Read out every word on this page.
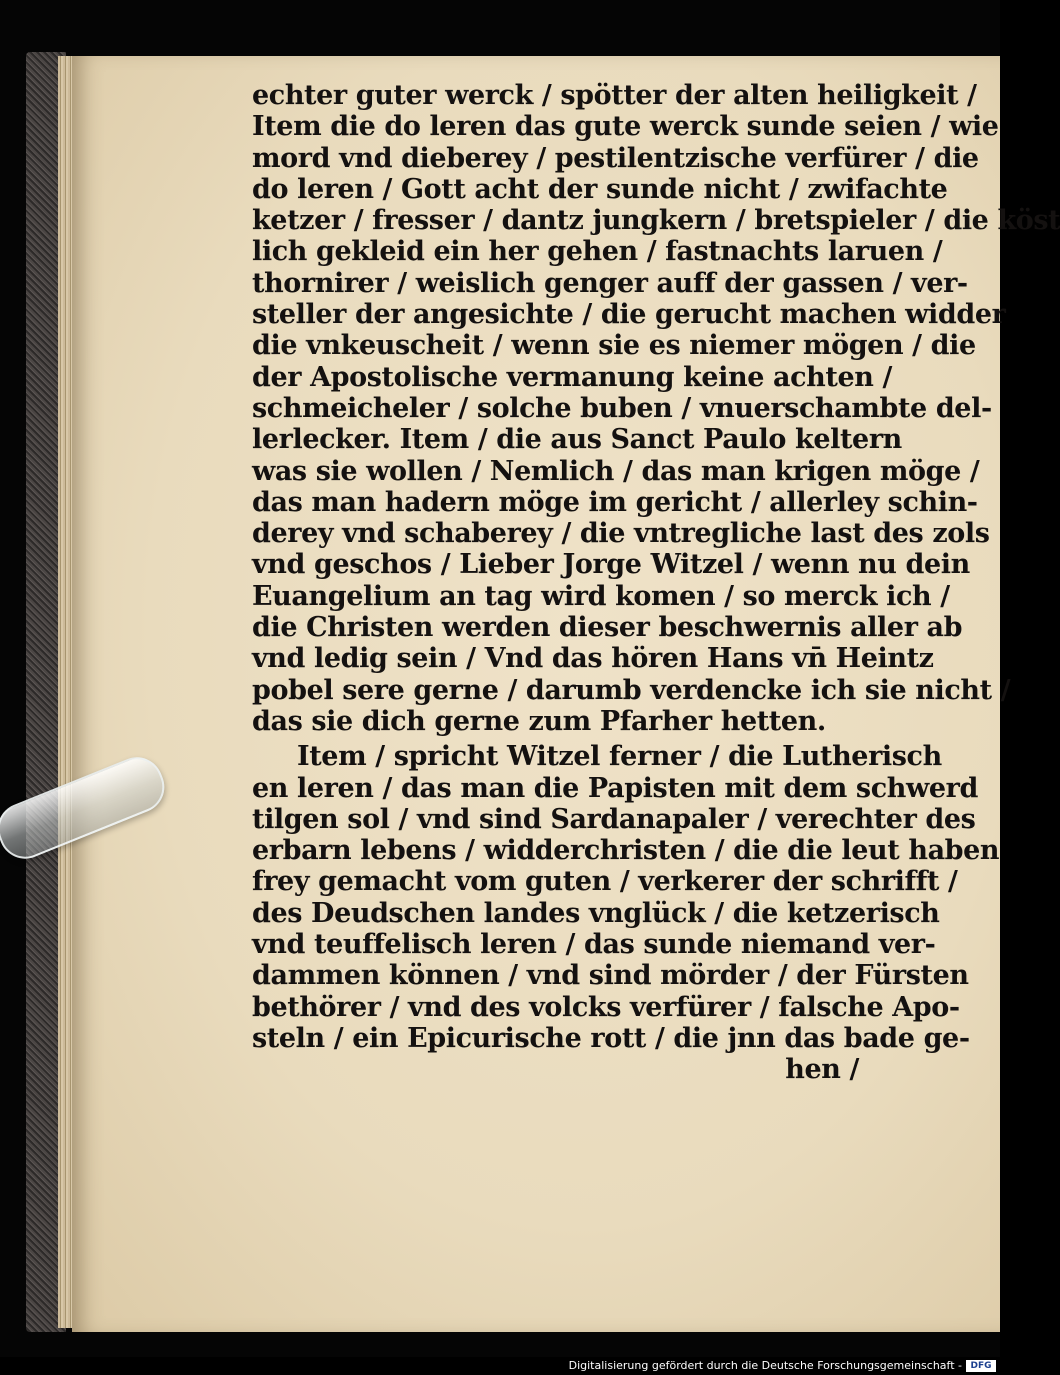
echter guter werck / spötter der alten heiligkeit /
Item die do leren das gute werck sunde seien / wie
mord vnd dieberey / pestilentzische verfürer / die
do leren / Gott acht der sunde nicht / zwifachte
ketzer / fresser / dantz jungkern / bretspieler / die köst
lich gekleid ein her gehen / fastnachts laruen /
thornirer / weislich genger auff der gassen / ver-
steller der angesichte / die gerucht machen widder
die vnkeuscheit / wenn sie es niemer mögen / die
der Apostolische vermanung keine achten /
schmeicheler / solche buben / vnuerschambte del-
lerlecker. Item / die aus Sanct Paulo keltern
was sie wollen / Nemlich / das man krigen möge /
das man hadern möge im gericht / allerley schin-
derey vnd schaberey / die vntregliche last des zols
vnd geschos / Lieber Jorge Witzel / wenn nu dein
Euangelium an tag wird komen / so merck ich /
die Christen werden dieser beschwernis aller ab
vnd ledig sein / Vnd das hören Hans vn̄ Heintz
pobel sere gerne / darumb verdencke ich sie nicht /
das sie dich gerne zum Pfarher hetten.
Item / spricht Witzel ferner / die Lutherisch
en leren / das man die Papisten mit dem schwerd
tilgen sol / vnd sind Sardanapaler / verechter des
erbarn lebens / widderchristen / die die leut haben
frey gemacht vom guten / verkerer der schrifft /
des Deudschen landes vnglück / die ketzerisch
vnd teuffelisch leren / das sunde niemand ver-
dammen können / vnd sind mörder / der Fürsten
bethörer / vnd des volcks verfürer / falsche Apo-
steln / ein Epicurische rott / die jnn das bade ge-
hen /
Digitalisierung gefördert durch die Deutsche Forschungsgemeinschaft - DFG
